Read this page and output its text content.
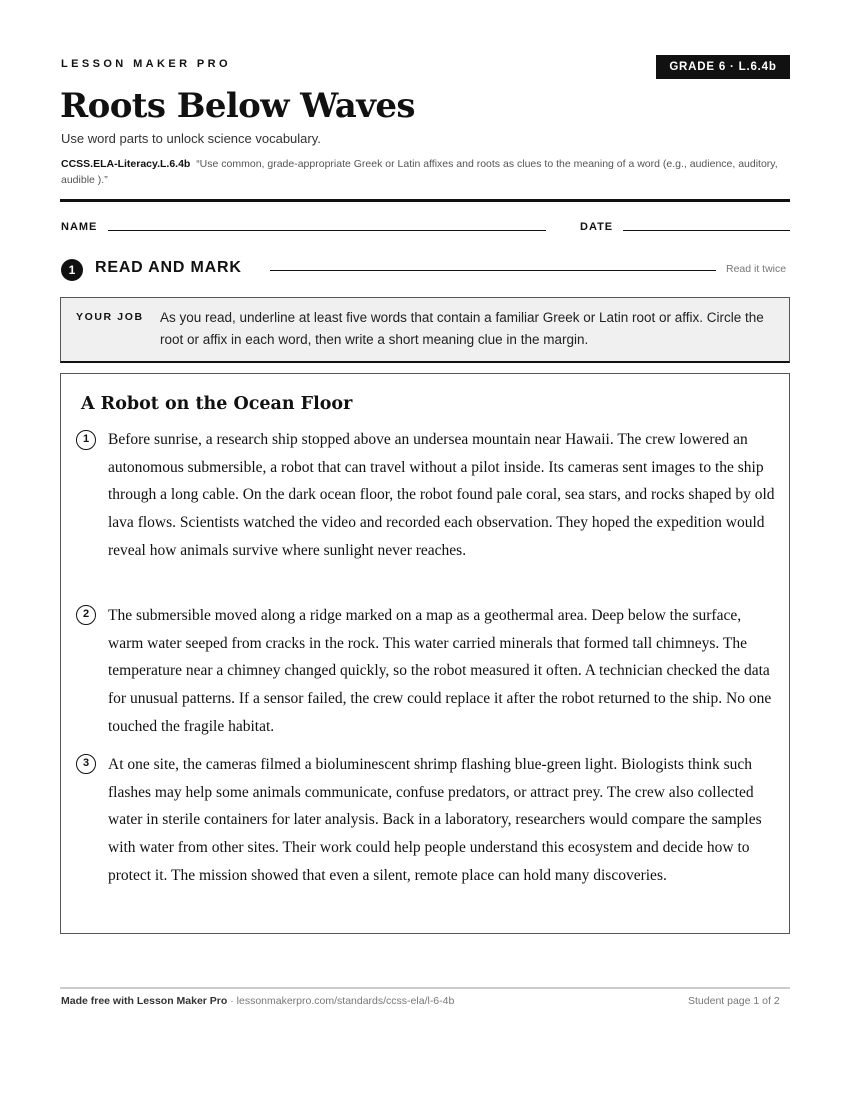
LESSON MAKER PRO	GRADE 6 · L.6.4b
Roots Below Waves
Use word parts to unlock science vocabulary.
CCSS.ELA-Literacy.L.6.4b “Use common, grade-appropriate Greek or Latin affixes and roots as clues to the meaning of a word (e.g., audience, auditory, audible ).”
NAME	DATE
1	READ AND MARK	Read it twice
YOUR JOB As you read, underline at least five words that contain a familiar Greek or Latin root or affix. Circle the root or affix in each word, then write a short meaning clue in the margin.
A Robot on the Ocean Floor
1	Before sunrise, a research ship stopped above an undersea mountain near Hawaii. The crew lowered an autonomous submersible, a robot that can travel without a pilot inside. Its cameras sent images to the ship through a long cable. On the dark ocean floor, the robot found pale coral, sea stars, and rocks shaped by old lava flows. Scientists watched the video and recorded each observation. They hoped the expedition would reveal how animals survive where sunlight never reaches.

2	The submersible moved along a ridge marked on a map as a geothermal area. Deep below the surface, warm water seeped from cracks in the rock. This water carried minerals that formed tall chimneys. The temperature near a chimney changed quickly, so the robot measured it often. A technician checked the data for unusual patterns. If a sensor failed, the crew could replace it after the robot returned to the ship. No one touched the fragile habitat.

3	At one site, the cameras filmed a bioluminescent shrimp flashing blue-green light. Biologists think such flashes may help some animals communicate, confuse predators, or attract prey. The crew also collected water in sterile containers for later analysis. Back in a laboratory, researchers would compare the samples with water from other sites. Their work could help people understand this ecosystem and decide how to protect it. The mission showed that even a silent, remote place can hold many discoveries.

Made free with Lesson Maker Pro · lessonmakerpro.com/standards/ccss-ela/l-6-4b	Student page 1 of 2
